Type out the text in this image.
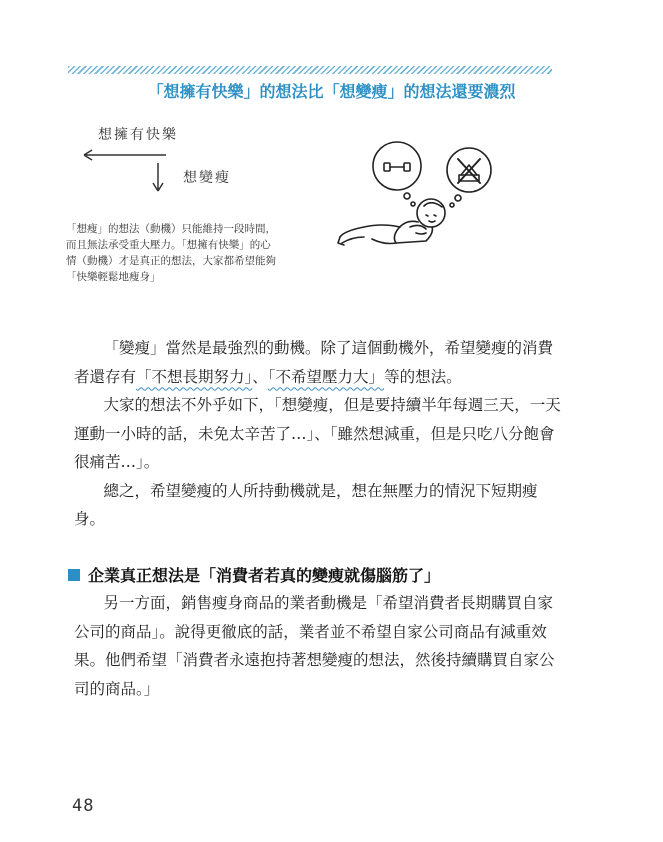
「想擁有快樂」的想法比「想變瘦」的想法還要濃烈
想擁有快樂
想變瘦

「想瘦」的想法（動機）只能維持一段時間，

而且無法承受重大壓力。「想擁有快樂」的心

情（動機）才是真正的想法，大家都希望能夠

「快樂輕鬆地瘦身」

「變瘦」當然是最強烈的動機。除了這個動機外，希望變瘦的消費者還存有「不想長期努力」、「不希望壓力大」等的想法。

大家的想法不外乎如下，「想變瘦，但是要持續半年每週三天，一天運動一小時的話，未免太辛苦了…」、「雖然想減重，但是只吃八分飽會很痛苦…」。

總之，希望變瘦的人所持動機就是，想在無壓力的情況下短期瘦身。

企業真正想法是「消費者若真的變瘦就傷腦筋了」

另一方面，銷售瘦身商品的業者動機是「希望消費者長期購買自家公司的商品」。說得更徹底的話，業者並不希望自家公司商品有減重效果。他們希望「消費者永遠抱持著想變瘦的想法，然後持續購買自家公司的商品。」

48
